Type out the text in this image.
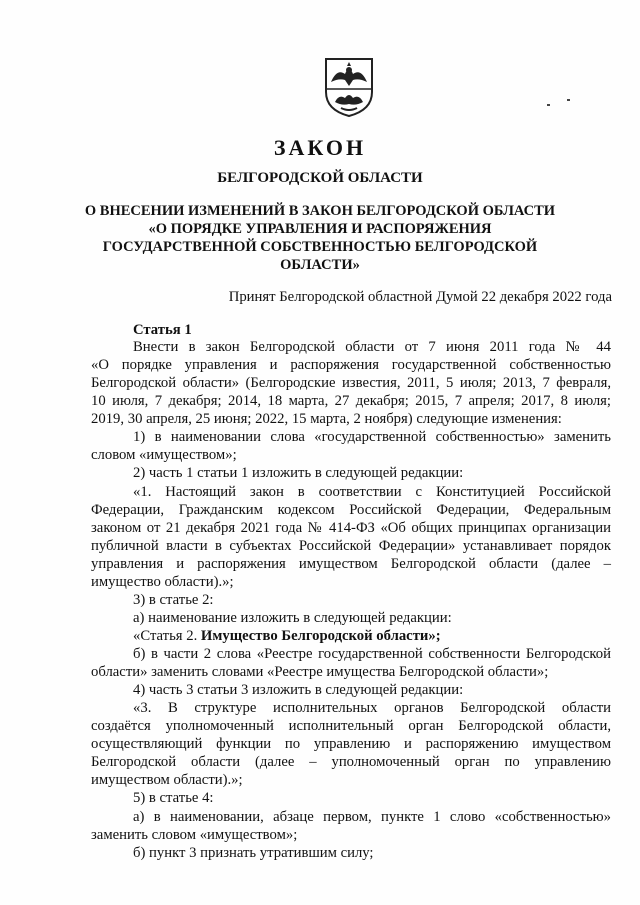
ЗАКОН
БЕЛГОРОДСКОЙ ОБЛАСТИ
О ВНЕСЕНИИ ИЗМЕНЕНИЙ В ЗАКОН БЕЛГОРОДСКОЙ ОБЛАСТИ
«О ПОРЯДКЕ УПРАВЛЕНИЯ И РАСПОРЯЖЕНИЯ
ГОСУДАРСТВЕННОЙ СОБСТВЕННОСТЬЮ БЕЛГОРОДСКОЙ
ОБЛАСТИ»
Принят Белгородской областной Думой 22 декабря 2022 года
Статья 1
Внести в закон Белгородской области от 7 июня 2011 года № 44
«О порядке управления и распоряжения государственной собственностью
Белгородской области» (Белгородские известия, 2011, 5 июля; 2013, 7 февраля,
10 июля, 7 декабря; 2014, 18 марта, 27 декабря; 2015, 7 апреля; 2017, 8 июля;
2019, 30 апреля, 25 июня; 2022, 15 марта, 2 ноября) следующие изменения:
1) в наименовании слова «государственной собственностью» заменить
словом «имуществом»;
2) часть 1 статьи 1 изложить в следующей редакции:
«1. Настоящий закон в соответствии с Конституцией Российской
Федерации, Гражданским кодексом Российской Федерации, Федеральным
законом от 21 декабря 2021 года № 414-ФЗ «Об общих принципах организации
публичной власти в субъектах Российской Федерации» устанавливает порядок
управления и распоряжения имуществом Белгородской области (далее –
имущество области).»;
3) в статье 2:
а) наименование изложить в следующей редакции:
«Статья 2. Имущество Белгородской области»;
б) в части 2 слова «Реестре государственной собственности Белгородской
области» заменить словами «Реестре имущества Белгородской области»;
4) часть 3 статьи 3 изложить в следующей редакции:
«3. В структуре исполнительных органов Белгородской области
создаётся уполномоченный исполнительный орган Белгородской области,
осуществляющий функции по управлению и распоряжению имуществом
Белгородской области (далее – уполномоченный орган по управлению
имуществом области).»;
5) в статье 4:
а) в наименовании, абзаце первом, пункте 1 слово «собственностью»
заменить словом «имуществом»;
б) пункт 3 признать утратившим силу;
